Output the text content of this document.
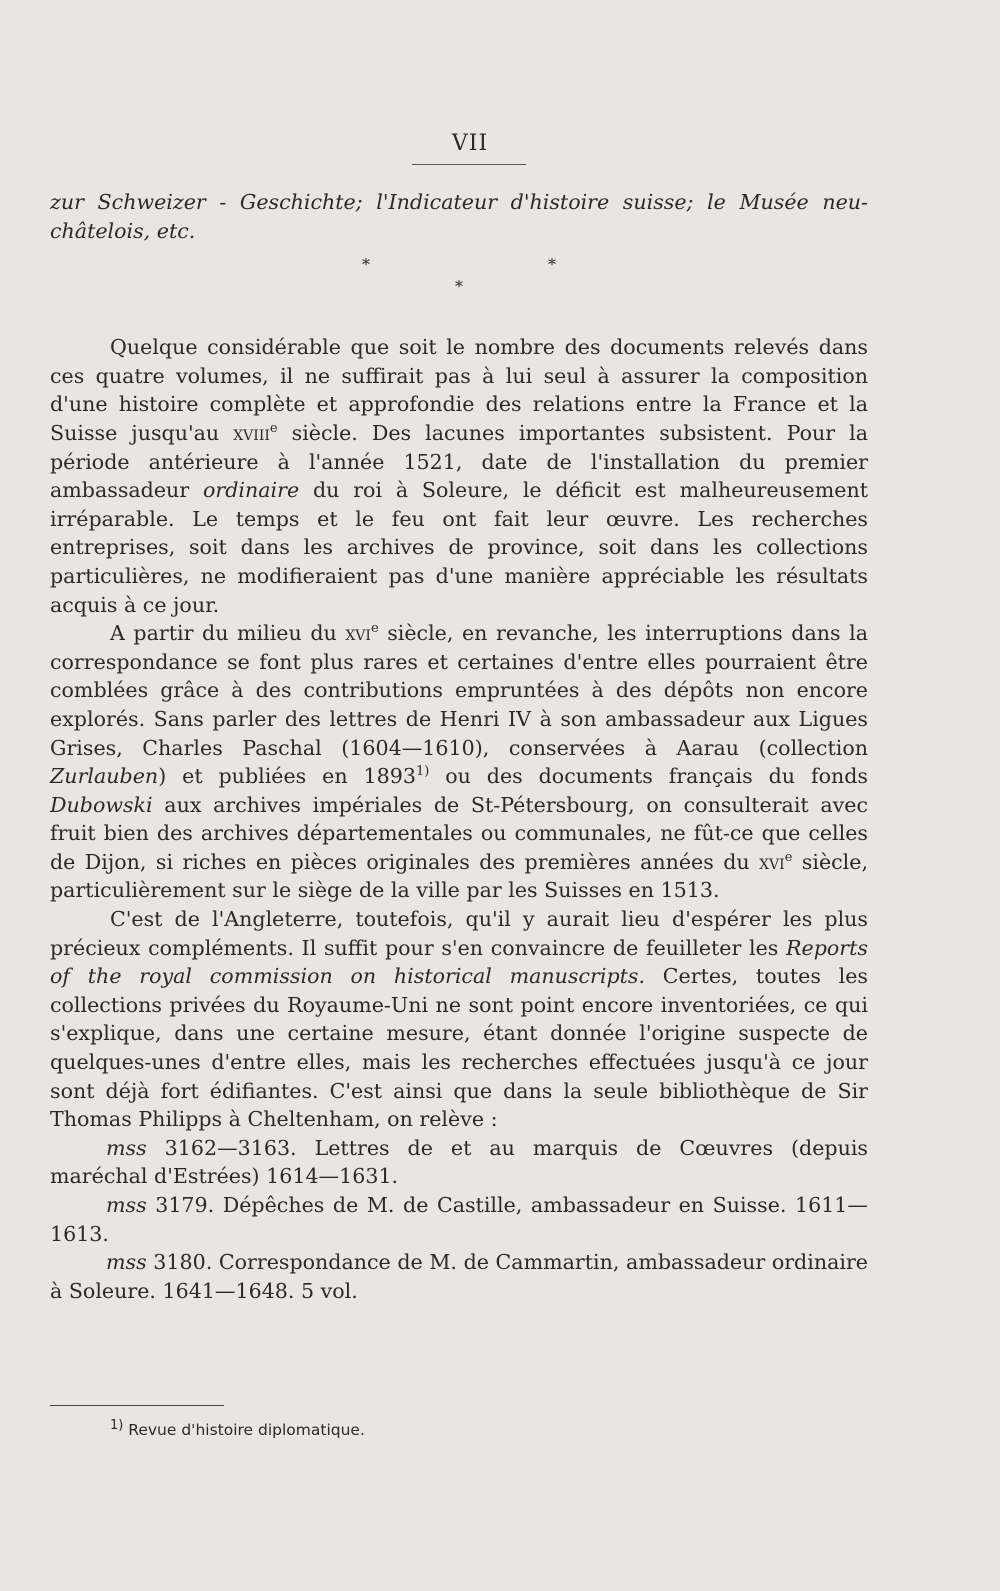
VII

zur Schweizer - Geschichte; l'Indicateur d'histoire suisse; le Musée neu-châtelois, etc.

*	*
*

Quelque considérable que soit le nombre des documents relevés dans ces quatre volumes, il ne suffirait pas à lui seul à assurer la composition d'une histoire complète et approfondie des relations entre la France et la Suisse jusqu'au xviii$^e$ siècle. Des lacunes importantes subsistent. Pour la période antérieure à l'année 1521, date de l'installation du premier ambassadeur ordinaire du roi à Soleure, le déficit est malheureusement irréparable. Le temps et le feu ont fait leur œuvre. Les recherches entreprises, soit dans les archives de province, soit dans les collections particulières, ne modifieraient pas d'une manière appréciable les résultats acquis à ce jour.

A partir du milieu du xvi$^e$ siècle, en revanche, les interruptions dans la correspondance se font plus rares et certaines d'entre elles pourraient être comblées grâce à des contributions empruntées à des dépôts non encore explorés. Sans parler des lettres de Henri IV à son ambassadeur aux Ligues Grises, Charles Paschal (1604—1610), conservées à Aarau (collection Zurlauben) et publiées en 1893$^{1)}$ ou des documents français du fonds Dubowski aux archives impériales de St-Pétersbourg, on consulterait avec fruit bien des archives départementales ou communales, ne fût-ce que celles de Dijon, si riches en pièces originales des premières années du xvi$^e$ siècle, particulièrement sur le siège de la ville par les Suisses en 1513.

C'est de l'Angleterre, toutefois, qu'il y aurait lieu d'espérer les plus précieux compléments. Il suffit pour s'en convaincre de feuilleter les Reports of the royal commission on historical manuscripts. Certes, toutes les collections privées du Royaume-Uni ne sont point encore inventoriées, ce qui s'explique, dans une certaine mesure, étant donnée l'origine suspecte de quelques-unes d'entre elles, mais les recherches effectuées jusqu'à ce jour sont déjà fort édifiantes. C'est ainsi que dans la seule bibliothèque de Sir Thomas Philipps à Cheltenham, on relève :

mss 3162—3163. Lettres de et au marquis de Cœuvres (depuis maréchal d'Estrées) 1614—1631.

mss 3179. Dépêches de M. de Castille, ambassadeur en Suisse. 1611—1613.

mss 3180. Correspondance de M. de Cammartin, ambassadeur ordinaire à Soleure. 1641—1648. 5 vol.

$^{1)}$ Revue d'histoire diplomatique.
